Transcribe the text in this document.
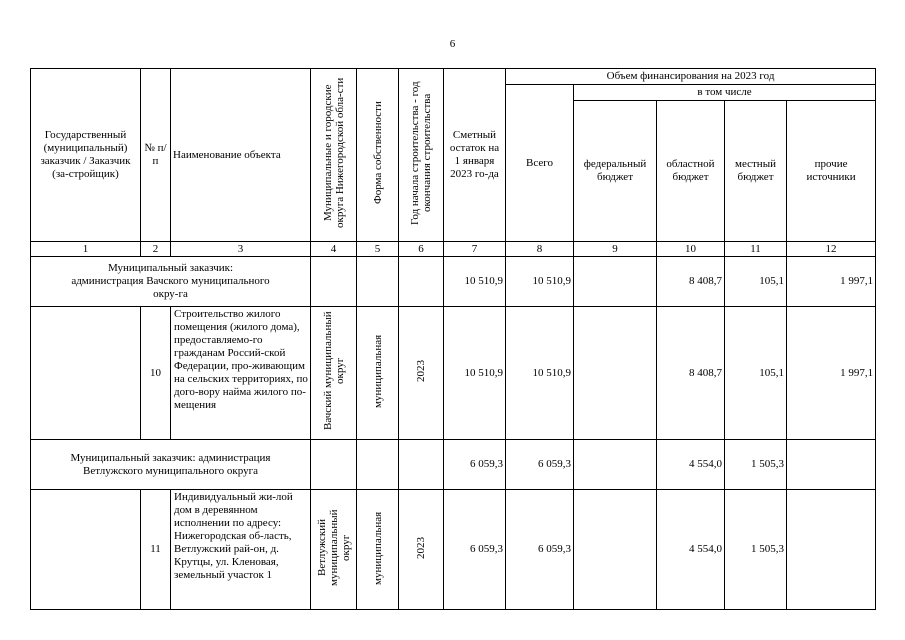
6
Государственный (муниципальный) заказчик / Заказчик (за-стройщик)	№ п/п	Наименование объекта	Муниципальные и городские округа Нижегородской обла-сти	Форма собственности	Год начала строительства - год окончания строительства	Сметный остаток на 1 января 2023 го-да	Объем финансирования на 2023 год				
							Всего	в том числе			
								федеральный бюджет	областной бюджет	местный бюджет	прочие источники
1	2	3	4	5	6	7	8	9	10	11	12
Муниципальный заказчик: администрация Вачского муниципального окру-га						10 510,9	10 510,9		8 408,7	105,1	1 997,1
	10	Строительство жилого помещения (жилого дома), предоставляемо-го гражданам Россий-ской Федерации, про-живающим на сельских территориях, по дого-вору найма жилого по-мещения	Вачский муниципальный округ	муниципальная	2023	10 510,9	10 510,9		8 408,7	105,1	1 997,1
Муниципальный заказчик: администрация Ветлужского муниципального округа						6 059,3	6 059,3		4 554,0	1 505,3	
	11	Индивидуальный жи-лой дом в деревянном исполнении по адресу: Нижегородская об-ласть, Ветлужский рай-он, д. Крутцы, ул. Кленовая, земельный участок 1	Ветлужский муниципальный округ	муниципальная	2023	6 059,3	6 059,3		4 554,0	1 505,3	
